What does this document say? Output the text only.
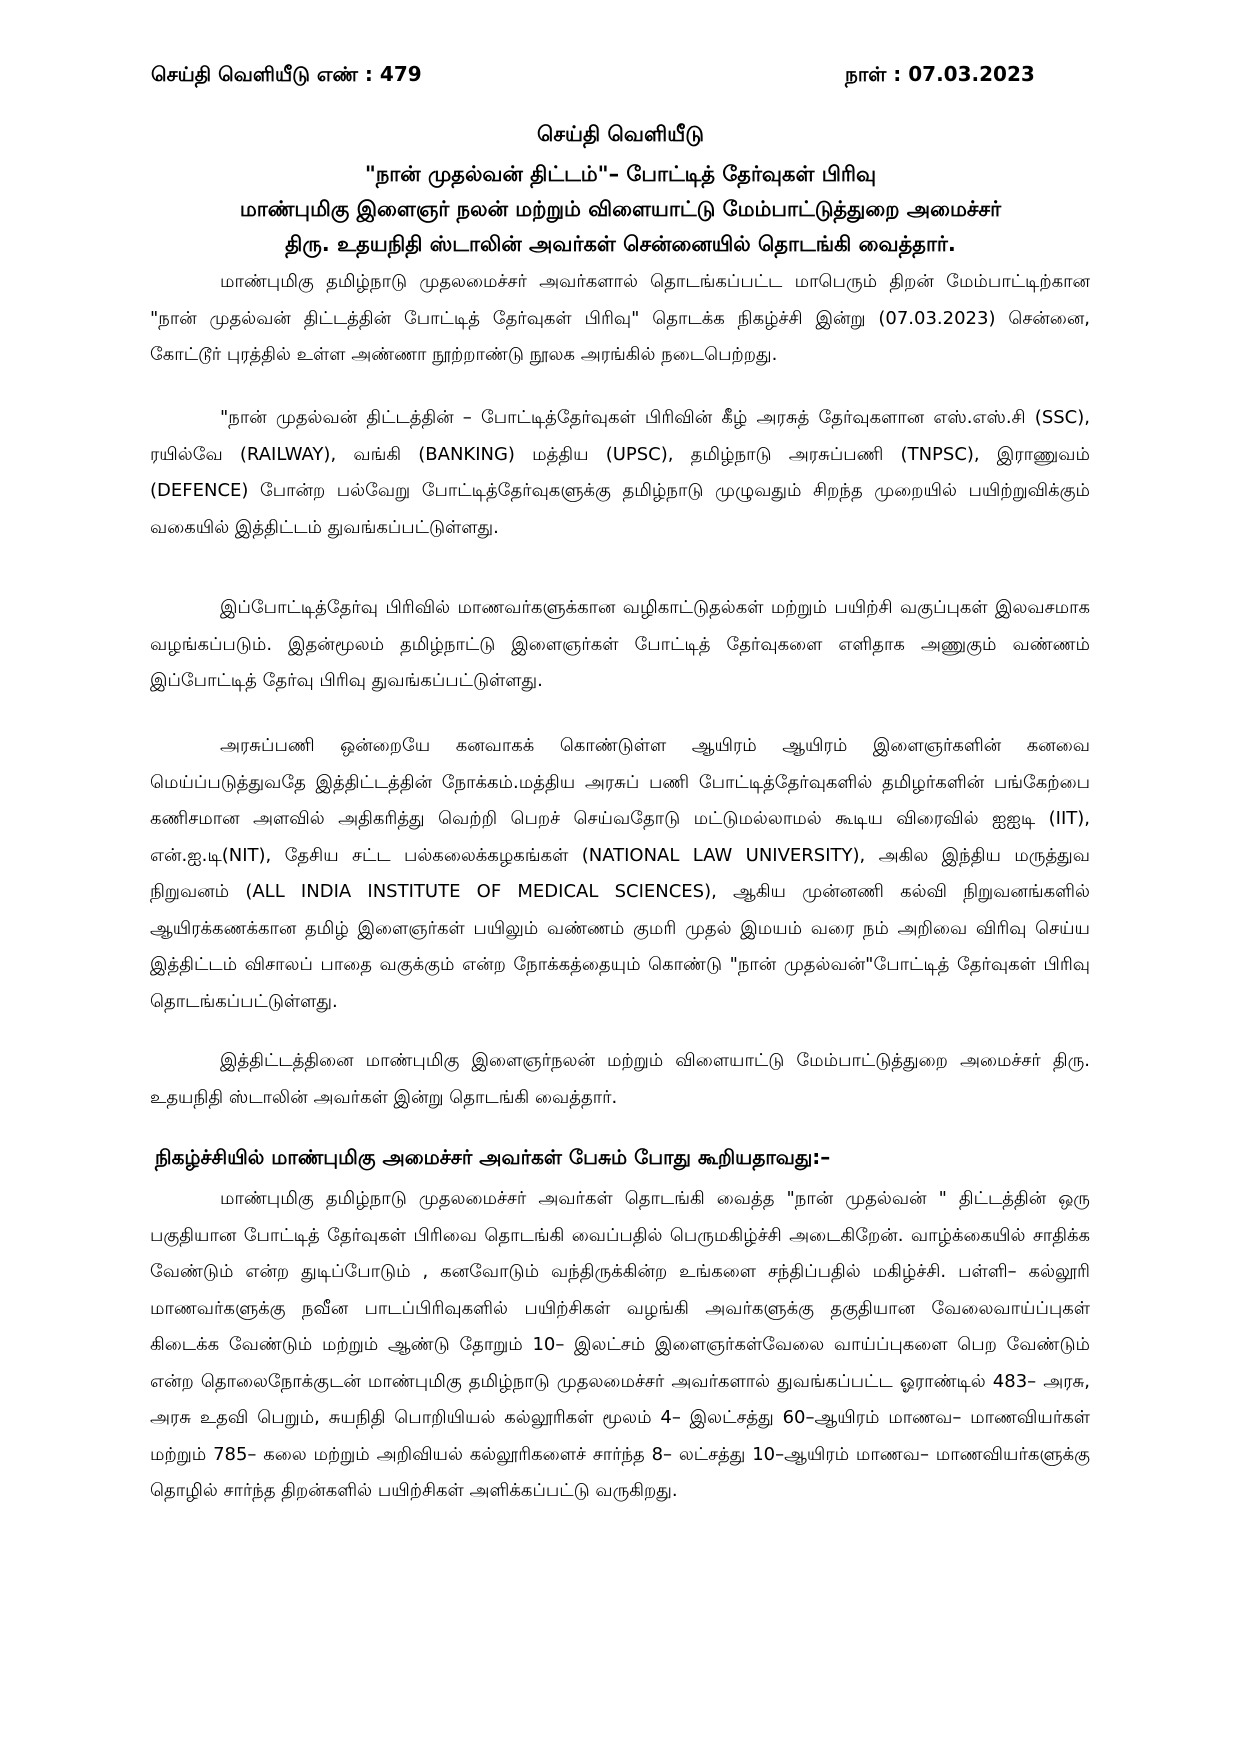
செய்தி வெளியீடு எண் : 479	நாள் : 07.03.2023
செய்தி வெளியீடு
"நான் முதல்வன் திட்டம்"– போட்டித் தேர்வுகள் பிரிவு
மாண்புமிகு இளைஞர் நலன் மற்றும் விளையாட்டு மேம்பாட்டுத்துறை அமைச்சர்
திரு. உதயநிதி ஸ்டாலின் அவர்கள் சென்னையில் தொடங்கி வைத்தார்.

மாண்புமிகு தமிழ்நாடு முதலமைச்சர் அவர்களால் தொடங்கப்பட்ட மாபெரும் திறன் மேம்பாட்டிற்கான "நான் முதல்வன் திட்டத்தின் போட்டித் தேர்வுகள் பிரிவு" தொடக்க நிகழ்ச்சி இன்று (07.03.2023) சென்னை, கோட்டூர் புரத்தில் உள்ள அண்ணா நூற்றாண்டு நூலக அரங்கில் நடைபெற்றது.

"நான் முதல்வன் திட்டத்தின் – போட்டித்தேர்வுகள் பிரிவின் கீழ் அரசுத் தேர்வுகளான எஸ்.எஸ்.சி (SSC), ரயில்வே (RAILWAY), வங்கி (BANKING) மத்திய (UPSC), தமிழ்நாடு அரசுப்பணி (TNPSC), இராணுவம் (DEFENCE) போன்ற பல்வேறு போட்டித்தேர்வுகளுக்கு தமிழ்நாடு முழுவதும் சிறந்த முறையில் பயிற்றுவிக்கும் வகையில் இத்திட்டம் துவங்கப்பட்டுள்ளது.

இப்போட்டித்தேர்வு பிரிவில் மாணவர்களுக்கான வழிகாட்டுதல்கள் மற்றும் பயிற்சி வகுப்புகள் இலவசமாக வழங்கப்படும். இதன்மூலம் தமிழ்நாட்டு இளைஞர்கள் போட்டித் தேர்வுகளை எளிதாக அணுகும் வண்ணம் இப்போட்டித் தேர்வு பிரிவு துவங்கப்பட்டுள்ளது.

அரசுப்பணி ஒன்றையே கனவாகக் கொண்டுள்ள ஆயிரம் ஆயிரம் இளைஞர்களின் கனவை மெய்ப்படுத்துவதே இத்திட்டத்தின் நோக்கம்.மத்திய அரசுப் பணி போட்டித்தேர்வுகளில் தமிழர்களின் பங்கேற்பை கணிசமான அளவில் அதிகரித்து வெற்றி பெறச் செய்வதோடு மட்டுமல்லாமல் கூடிய விரைவில் ஐஐடி (IIT), என்.ஐ.டி(NIT), தேசிய சட்ட பல்கலைக்கழகங்கள் (NATIONAL LAW UNIVERSITY), அகில இந்திய மருத்துவ நிறுவனம் (ALL INDIA INSTITUTE OF MEDICAL SCIENCES), ஆகிய முன்னணி கல்வி நிறுவனங்களில் ஆயிரக்கணக்கான தமிழ் இளைஞர்கள் பயிலும் வண்ணம் குமரி முதல் இமயம் வரை நம் அறிவை விரிவு செய்ய இத்திட்டம் விசாலப் பாதை வகுக்கும் என்ற நோக்கத்தையும் கொண்டு "நான் முதல்வன்"போட்டித் தேர்வுகள் பிரிவு தொடங்கப்பட்டுள்ளது.

இத்திட்டத்தினை மாண்புமிகு இளைஞர்நலன் மற்றும் விளையாட்டு மேம்பாட்டுத்துறை அமைச்சர் திரு. உதயநிதி ஸ்டாலின் அவர்கள் இன்று தொடங்கி வைத்தார்.

நிகழ்ச்சியில் மாண்புமிகு அமைச்சர் அவர்கள் பேசும் போது கூறியதாவது:–

மாண்புமிகு தமிழ்நாடு முதலமைச்சர் அவர்கள் தொடங்கி வைத்த "நான் முதல்வன் " திட்டத்தின் ஒரு பகுதியான போட்டித் தேர்வுகள் பிரிவை தொடங்கி வைப்பதில் பெருமகிழ்ச்சி அடைகிறேன். வாழ்க்கையில் சாதிக்க வேண்டும் என்ற துடிப்போடும் , கனவோடும் வந்திருக்கின்ற உங்களை சந்திப்பதில் மகிழ்ச்சி. பள்ளி– கல்லூரி மாணவர்களுக்கு நவீன பாடப்பிரிவுகளில் பயிற்சிகள் வழங்கி அவர்களுக்கு தகுதியான வேலைவாய்ப்புகள் கிடைக்க வேண்டும் மற்றும் ஆண்டு தோறும் 10– இலட்சம் இளைஞர்கள்வேலை வாய்ப்புகளை பெற வேண்டும் என்ற தொலைநோக்குடன் மாண்புமிகு தமிழ்நாடு முதலமைச்சர் அவர்களால் துவங்கப்பட்ட ஓராண்டில் 483– அரசு, அரசு உதவி பெறும், சுயநிதி பொறியியல் கல்லூரிகள் மூலம் 4– இலட்சத்து 60–ஆயிரம் மாணவ– மாணவியர்கள் மற்றும் 785– கலை மற்றும் அறிவியல் கல்லூரிகளைச் சார்ந்த 8– லட்சத்து 10–ஆயிரம் மாணவ– மாணவியர்களுக்கு தொழில் சார்ந்த திறன்களில் பயிற்சிகள் அளிக்கப்பட்டு வருகிறது.
